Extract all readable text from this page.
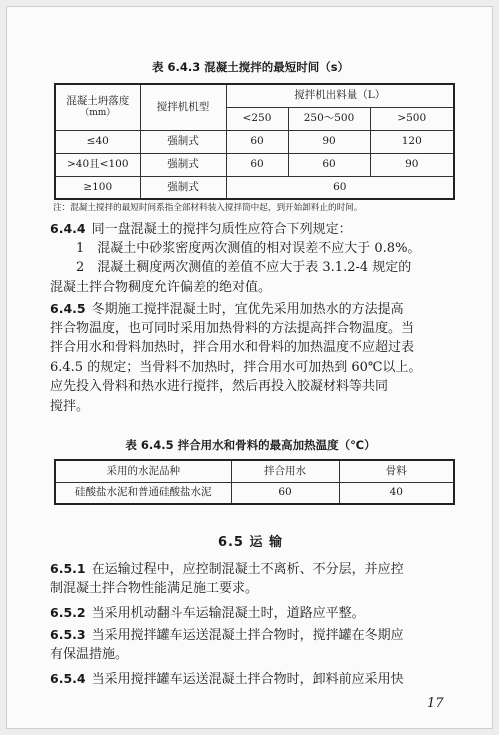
表 6.4.3 混凝土搅拌的最短时间（s）
混凝土坍落度
（mm）	搅拌机机型	搅拌机出料量（L）		
		<250	250～500	>500
≤40	强制式	60	90	120
>40且<100	强制式	60	60	90
≥100	强制式	60		
注：混凝土搅拌的最短时间系指全部材料装入搅拌筒中起，到开始卸料止的时间。
6.4.4 同一盘混凝土的搅拌匀质性应符合下列规定：
1　混凝土中砂浆密度两次测值的相对误差不应大于 0.8%。
2　混凝土稠度两次测值的差值不应大于表 3.1.2-4 规定的
混凝土拌合物稠度允许偏差的绝对值。
6.4.5 冬期施工搅拌混凝土时，宜优先采用加热水的方法提高
拌合物温度，也可同时采用加热骨料的方法提高拌合物温度。当
拌合用水和骨料加热时，拌合用水和骨料的加热温度不应超过表
6.4.5 的规定；当骨料不加热时，拌合用水可加热到 60℃以上。
应先投入骨料和热水进行搅拌，然后再投入胶凝材料等共同
搅拌。
表 6.4.5 拌合用水和骨料的最高加热温度（℃）
采用的水泥品种	拌合用水	骨料
硅酸盐水泥和普通硅酸盐水泥	60	40
6.5 运 输
6.5.1 在运输过程中，应控制混凝土不离析、不分层，并应控
制混凝土拌合物性能满足施工要求。
6.5.2 当采用机动翻斗车运输混凝土时，道路应平整。
6.5.3 当采用搅拌罐车运送混凝土拌合物时，搅拌罐在冬期应
有保温措施。
6.5.4 当采用搅拌罐车运送混凝土拌合物时，卸料前应采用快
17
